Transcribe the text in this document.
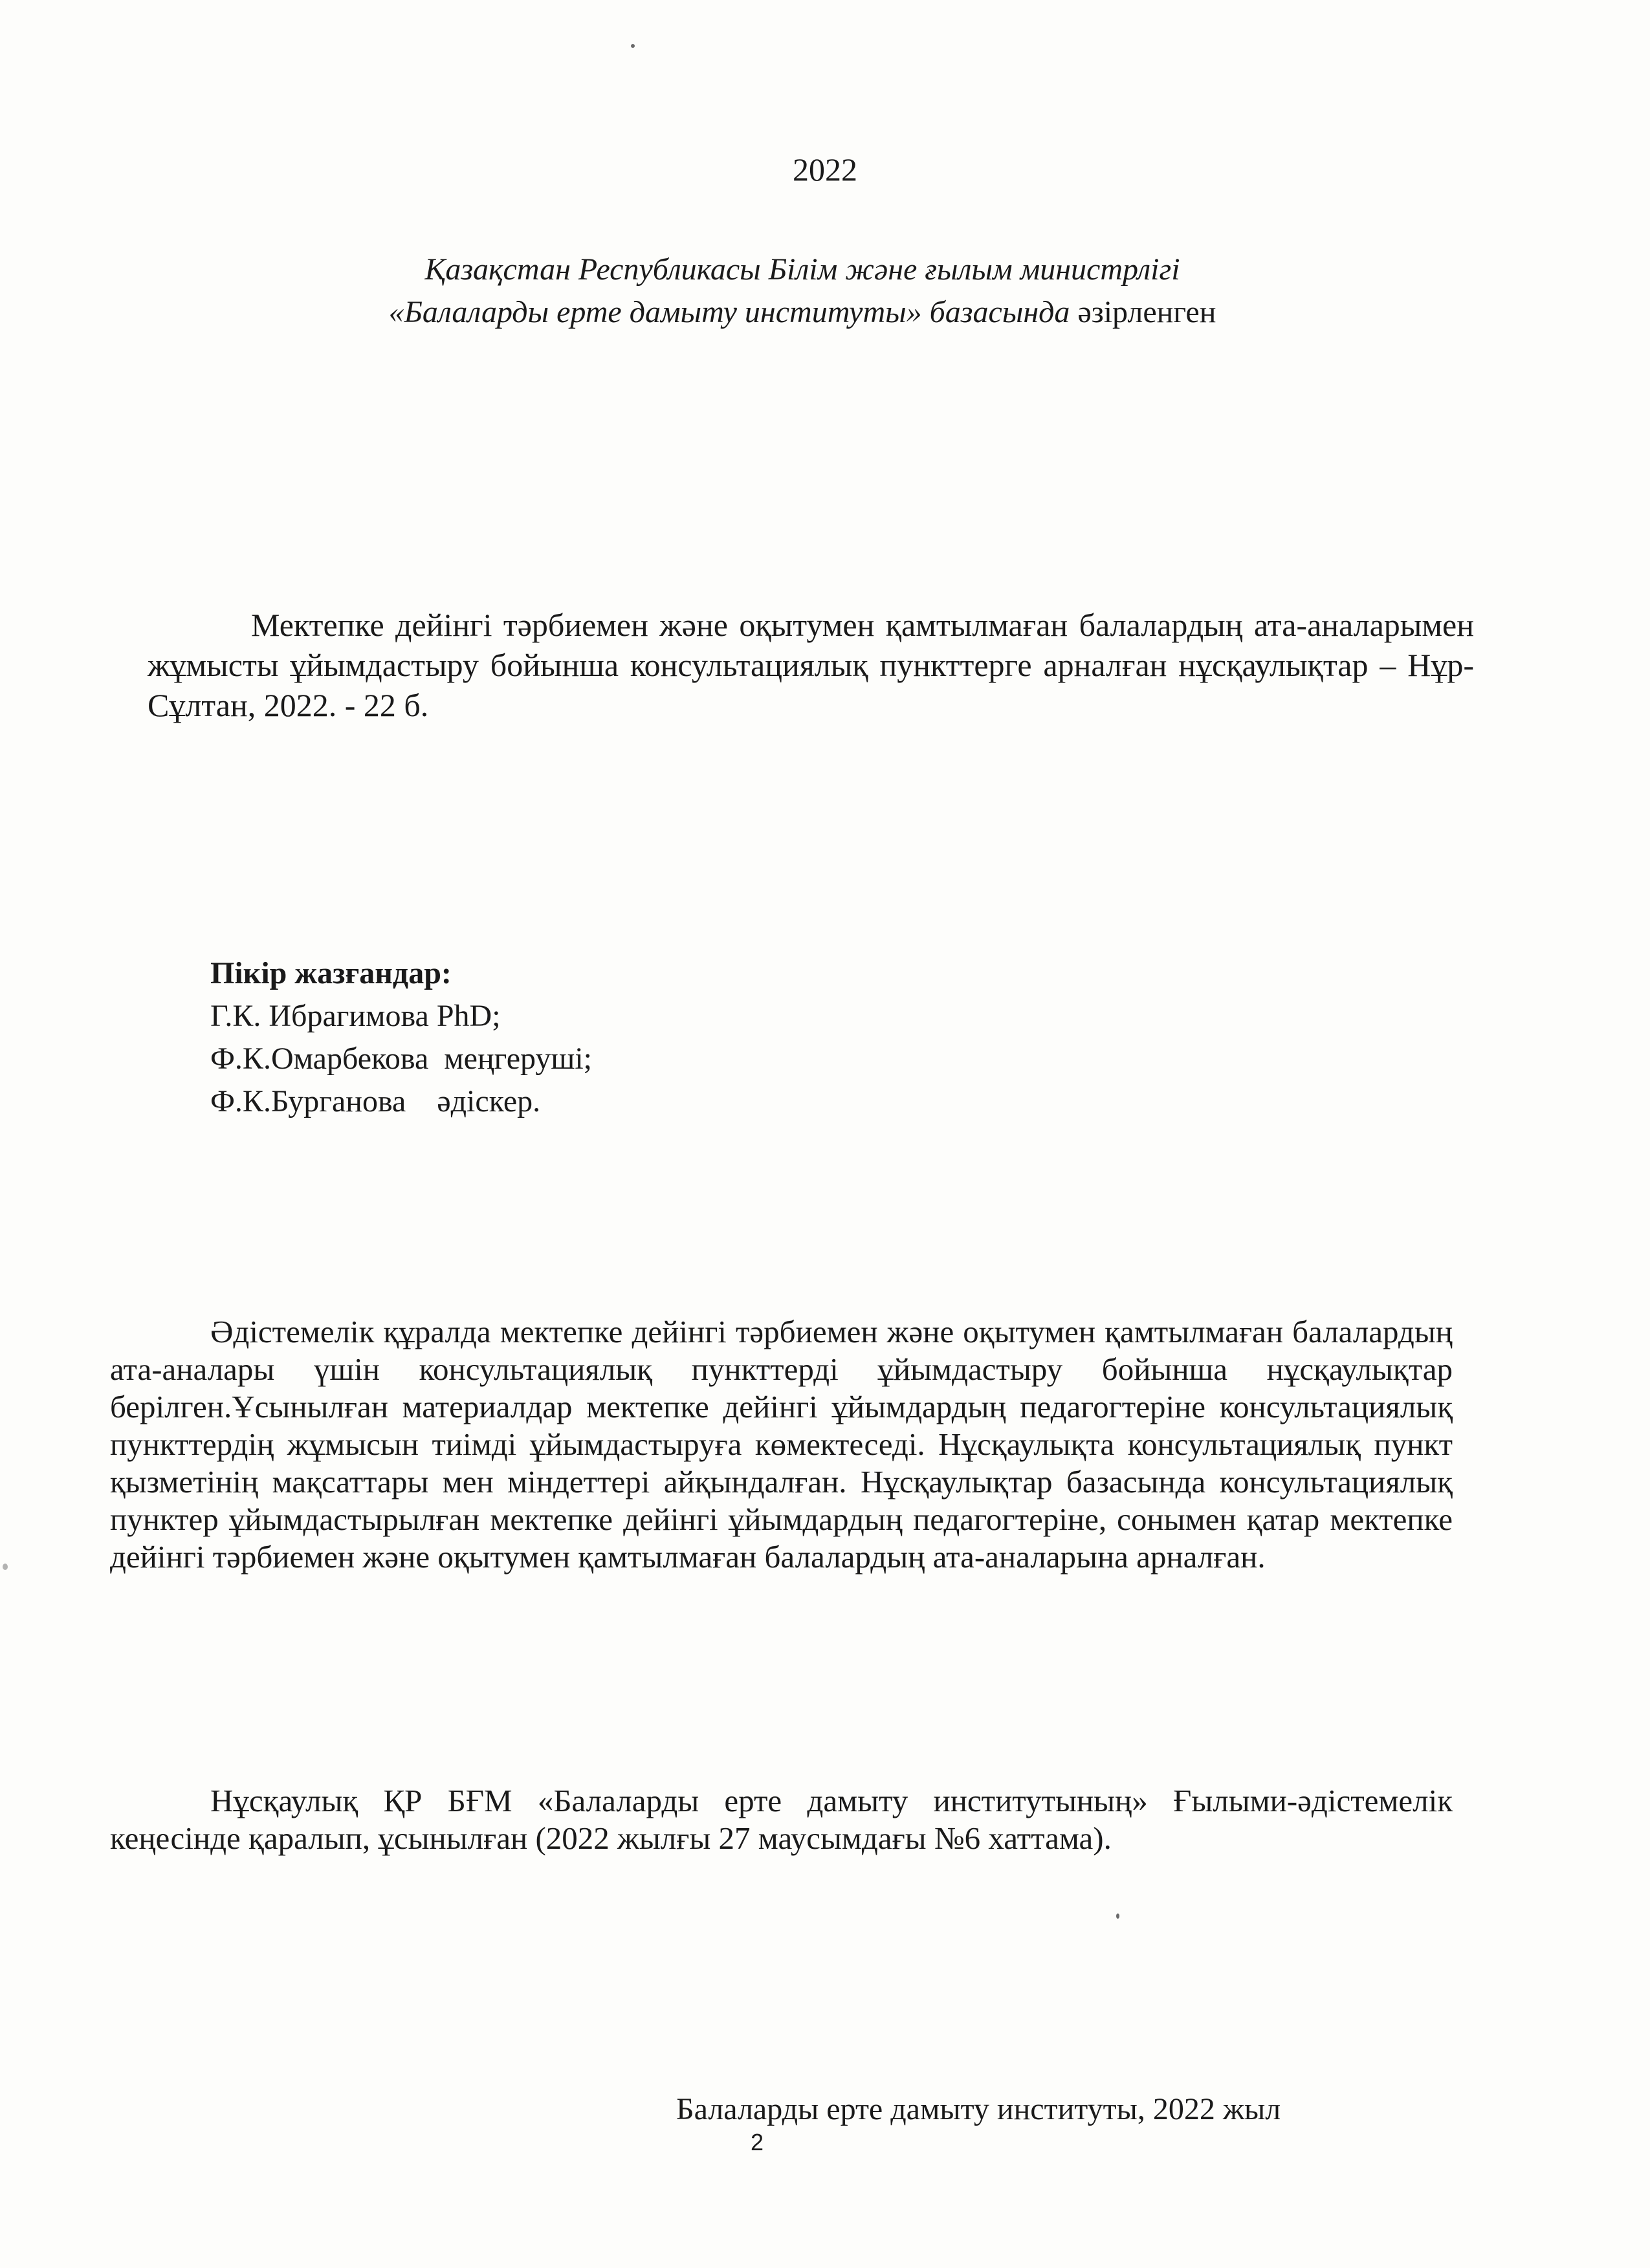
2022
Қазақстан Республикасы Білім және ғылым министрлігі
«Балаларды ерте дамыту институты» базасында әзірленген
Мектепке дейінгі тәрбиемен және оқытумен қамтылмаған балалардың ата-аналарымен жұмысты ұйымдастыру бойынша консультациялық пункттерге арналған нұсқаулықтар – Нұр-Сұлтан, 2022. - 22 б.
Пікір жазғандар:
Г.К. Ибрагимова PhD;
Ф.К.Омарбекова  меңгеруші;
Ф.К.Бурганова    әдіскер.
Әдістемелік құралда мектепке дейінгі тәрбиемен және оқытумен қамтылмаған балалардың ата-аналары үшін консультациялық пункттерді ұйымдастыру бойынша нұсқаулықтар берілген.Ұсынылған материалдар мектепке дейінгі ұйымдардың педагогтеріне консультациялық пункттердің жұмысын тиімді ұйымдастыруға көмектеседі. Нұсқаулықта консультациялық пункт қызметінің мақсаттары мен міндеттері айқындалған. Нұсқаулықтар базасында консультациялық пунктер ұйымдастырылған мектепке дейінгі ұйымдардың педагогтеріне, сонымен қатар мектепке дейінгі тәрбиемен және оқытумен қамтылмаған балалардың ата-аналарына арналған.
Нұсқаулық ҚР БҒМ «Балаларды ерте дамыту институтының» Ғылыми-әдістемелік кеңесінде қаралып, ұсынылған (2022 жылғы 27 маусымдағы №6 хаттама).
Балаларды ерте дамыту институты, 2022 жыл
2
